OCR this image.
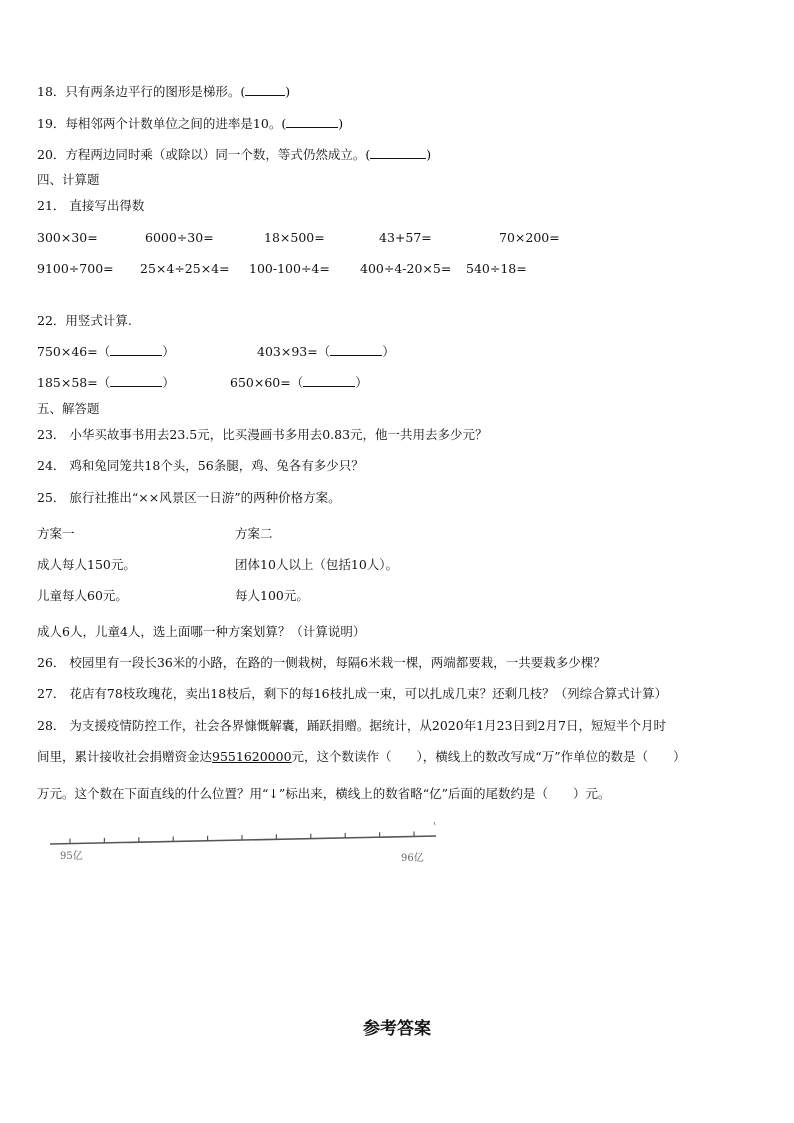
18．只有两条边平行的图形是梯形。(	)
19．每相邻两个计数单位之间的进率是10。(	)
20．方程两边同时乘（或除以）同一个数，等式仍然成立。(	)
四、计算题
21． 直接写出得数
300×30=	6000÷30=	18×500=	43+57=	70×200=
9100÷700= 25×4÷25×4= 100-100÷4= 400÷4-20×5= 540÷18=
22．用竖式计算.
750×46=（	）	403×93=（	）
185×58=（	）	650×60=（	）
五、解答题
23． 小华买故事书用去23.5元，比买漫画书多用去0.83元，他一共用去多少元？
24． 鸡和兔同笼共18个头，56条腿，鸡、兔各有多少只？
25． 旅行社推出“××风景区一日游”的两种价格方案。
方案一	方案二
成人每人150元。	团体10人以上（包括10人）。
儿童每人60元。	每人100元。
成人6人，儿童4人，选上面哪一种方案划算？（计算说明）
26． 校园里有一段长36米的小路，在路的一侧栽树，每隔6米栽一棵，两端都要栽，一共要栽多少棵？
27． 花店有78枝玫瑰花，卖出18枝后，剩下的每16枝扎成一束，可以扎成几束？还剩几枝？（列综合算式计算）
28． 为支援疫情防控工作，社会各界慷慨解囊，踊跃捐赠。据统计，从2020年1月23日到2月7日，短短半个月时
间里，累计接收社会捐赠资金达9551620000元，这个数读作（　　），横线上的数改写成“万”作单位的数是（　　）
万元。这个数在下面直线的什么位置？用“↓”标出来，横线上的数省略“亿”后面的尾数约是（　　）元。
95亿	96亿
参考答案
